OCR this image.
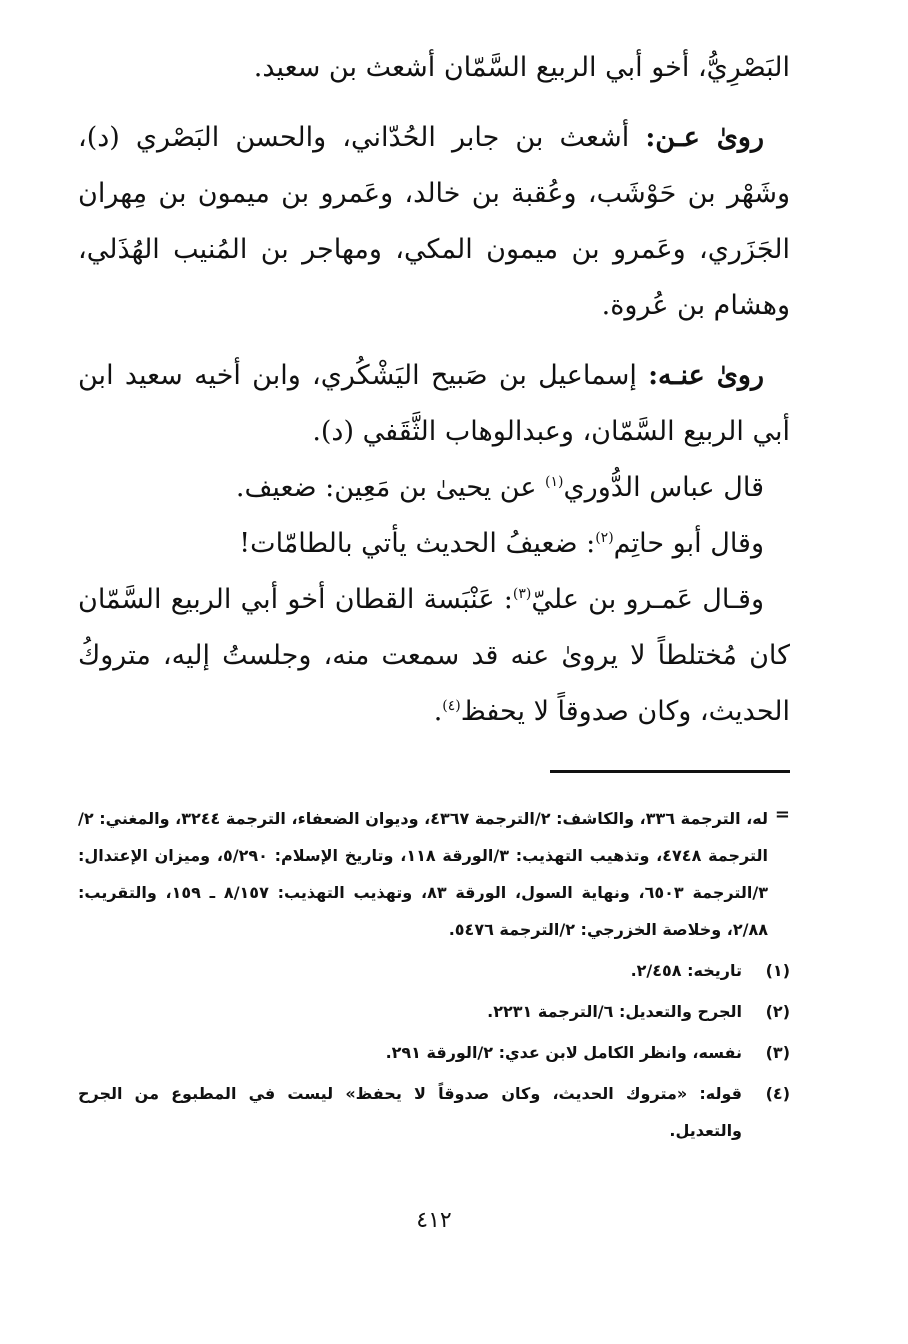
البَصْرِيُّ، أخو أبي الربيع السَّمّان أشعث بن سعيد.

روىٰ عـن: أشعث بن جابر الحُدّاني، والحسن البَصْري (د)، وشَهْر بن حَوْشَب، وعُقبة بن خالد، وعَمرو بن ميمون بن مِهران الجَزَري، وعَمرو بن ميمون المكي، ومهاجر بن المُنيب الهُذَلي، وهشام بن عُروة.

روىٰ عنـه: إسماعيل بن صَبيح اليَشْكُري، وابن أخيه سعيد ابن أبي الربيع السَّمّان، وعبدالوهاب الثَّقَفي (د).

قال عباس الدُّوري$^{(١)}$ عن يحيىٰ بن مَعِين: ضعيف.

وقال أبو حاتِم$^{(٢)}$: ضعيفُ الحديث يأتي بالطامّات!

وقـال عَمـرو بن عليّ$^{(٣)}$: عَنْبَسة القطان أخو أبي الربيع السَّمّان كان مُختلطاً لا يروىٰ عنه قد سمعت منه، وجلستُ إليه، متروكُ الحديث، وكان صدوقاً لا يحفظ$^{(٤)}$.

=
له، الترجمة ٣٣٦، والكاشف: ٢/الترجمة ٤٣٦٧، وديوان الضعفاء، الترجمة ٣٢٤٤، والمغني: ٢/الترجمة ٤٧٤٨، وتذهيب التهذيب: ٣/الورقة ١١٨، وتاريخ الإسلام: ٥/٢٩٠، وميزان الإعتدال: ٣/الترجمة ٦٥٠٣، ونهاية السول، الورقة ٨٣، وتهذيب التهذيب: ٨/١٥٧ ـ ١٥٩، والتقريب: ٢/٨٨، وخلاصة الخزرجي: ٢/الترجمة ٥٤٧٦.

(١)
تاريخه: ٢/٤٥٨.
(٢)
الجرح والتعديل: ٦/الترجمة ٢٢٣١.
(٣)
نفسه، وانظر الكامل لابن عدي: ٢/الورقة ٢٩١.
(٤)
قوله: «متروك الحديث، وكان صدوقاً لا يحفظ» ليست في المطبوع من الجرح والتعديل.
٤١٢
